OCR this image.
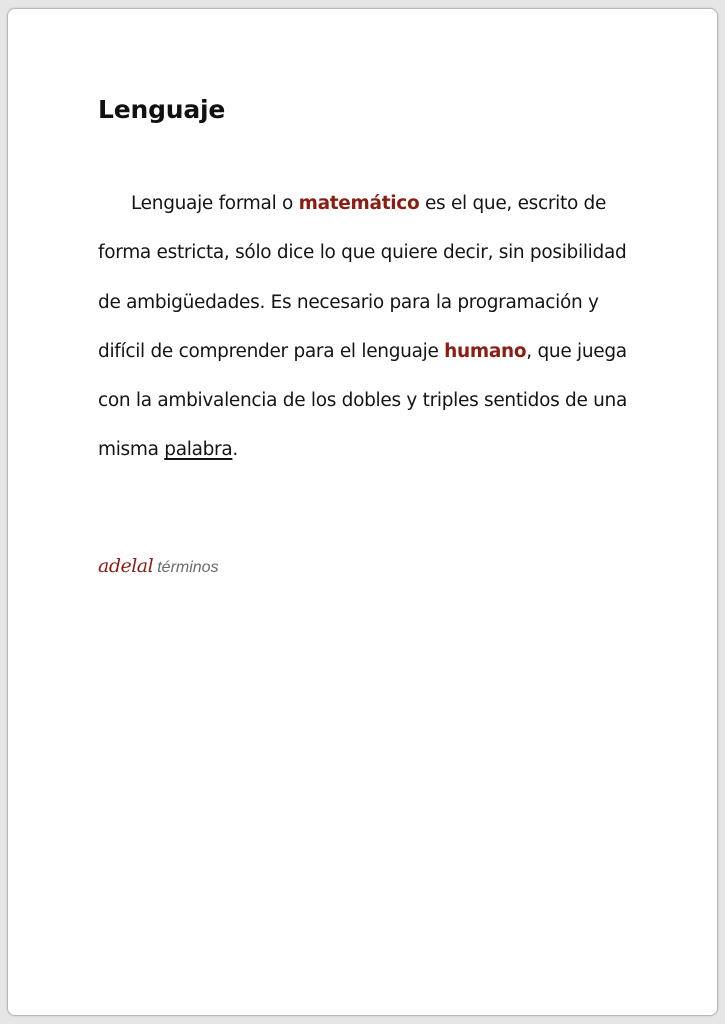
Lenguaje

Lenguaje formal o matemático es el que, escrito de forma estricta, sólo dice lo que quiere decir, sin posibilidad de ambigüedades. Es necesario para la programación y difícil de comprender para el lenguaje humano, que juega con la ambivalencia de los dobles y triples sentidos de una misma palabra.

adelal términos
